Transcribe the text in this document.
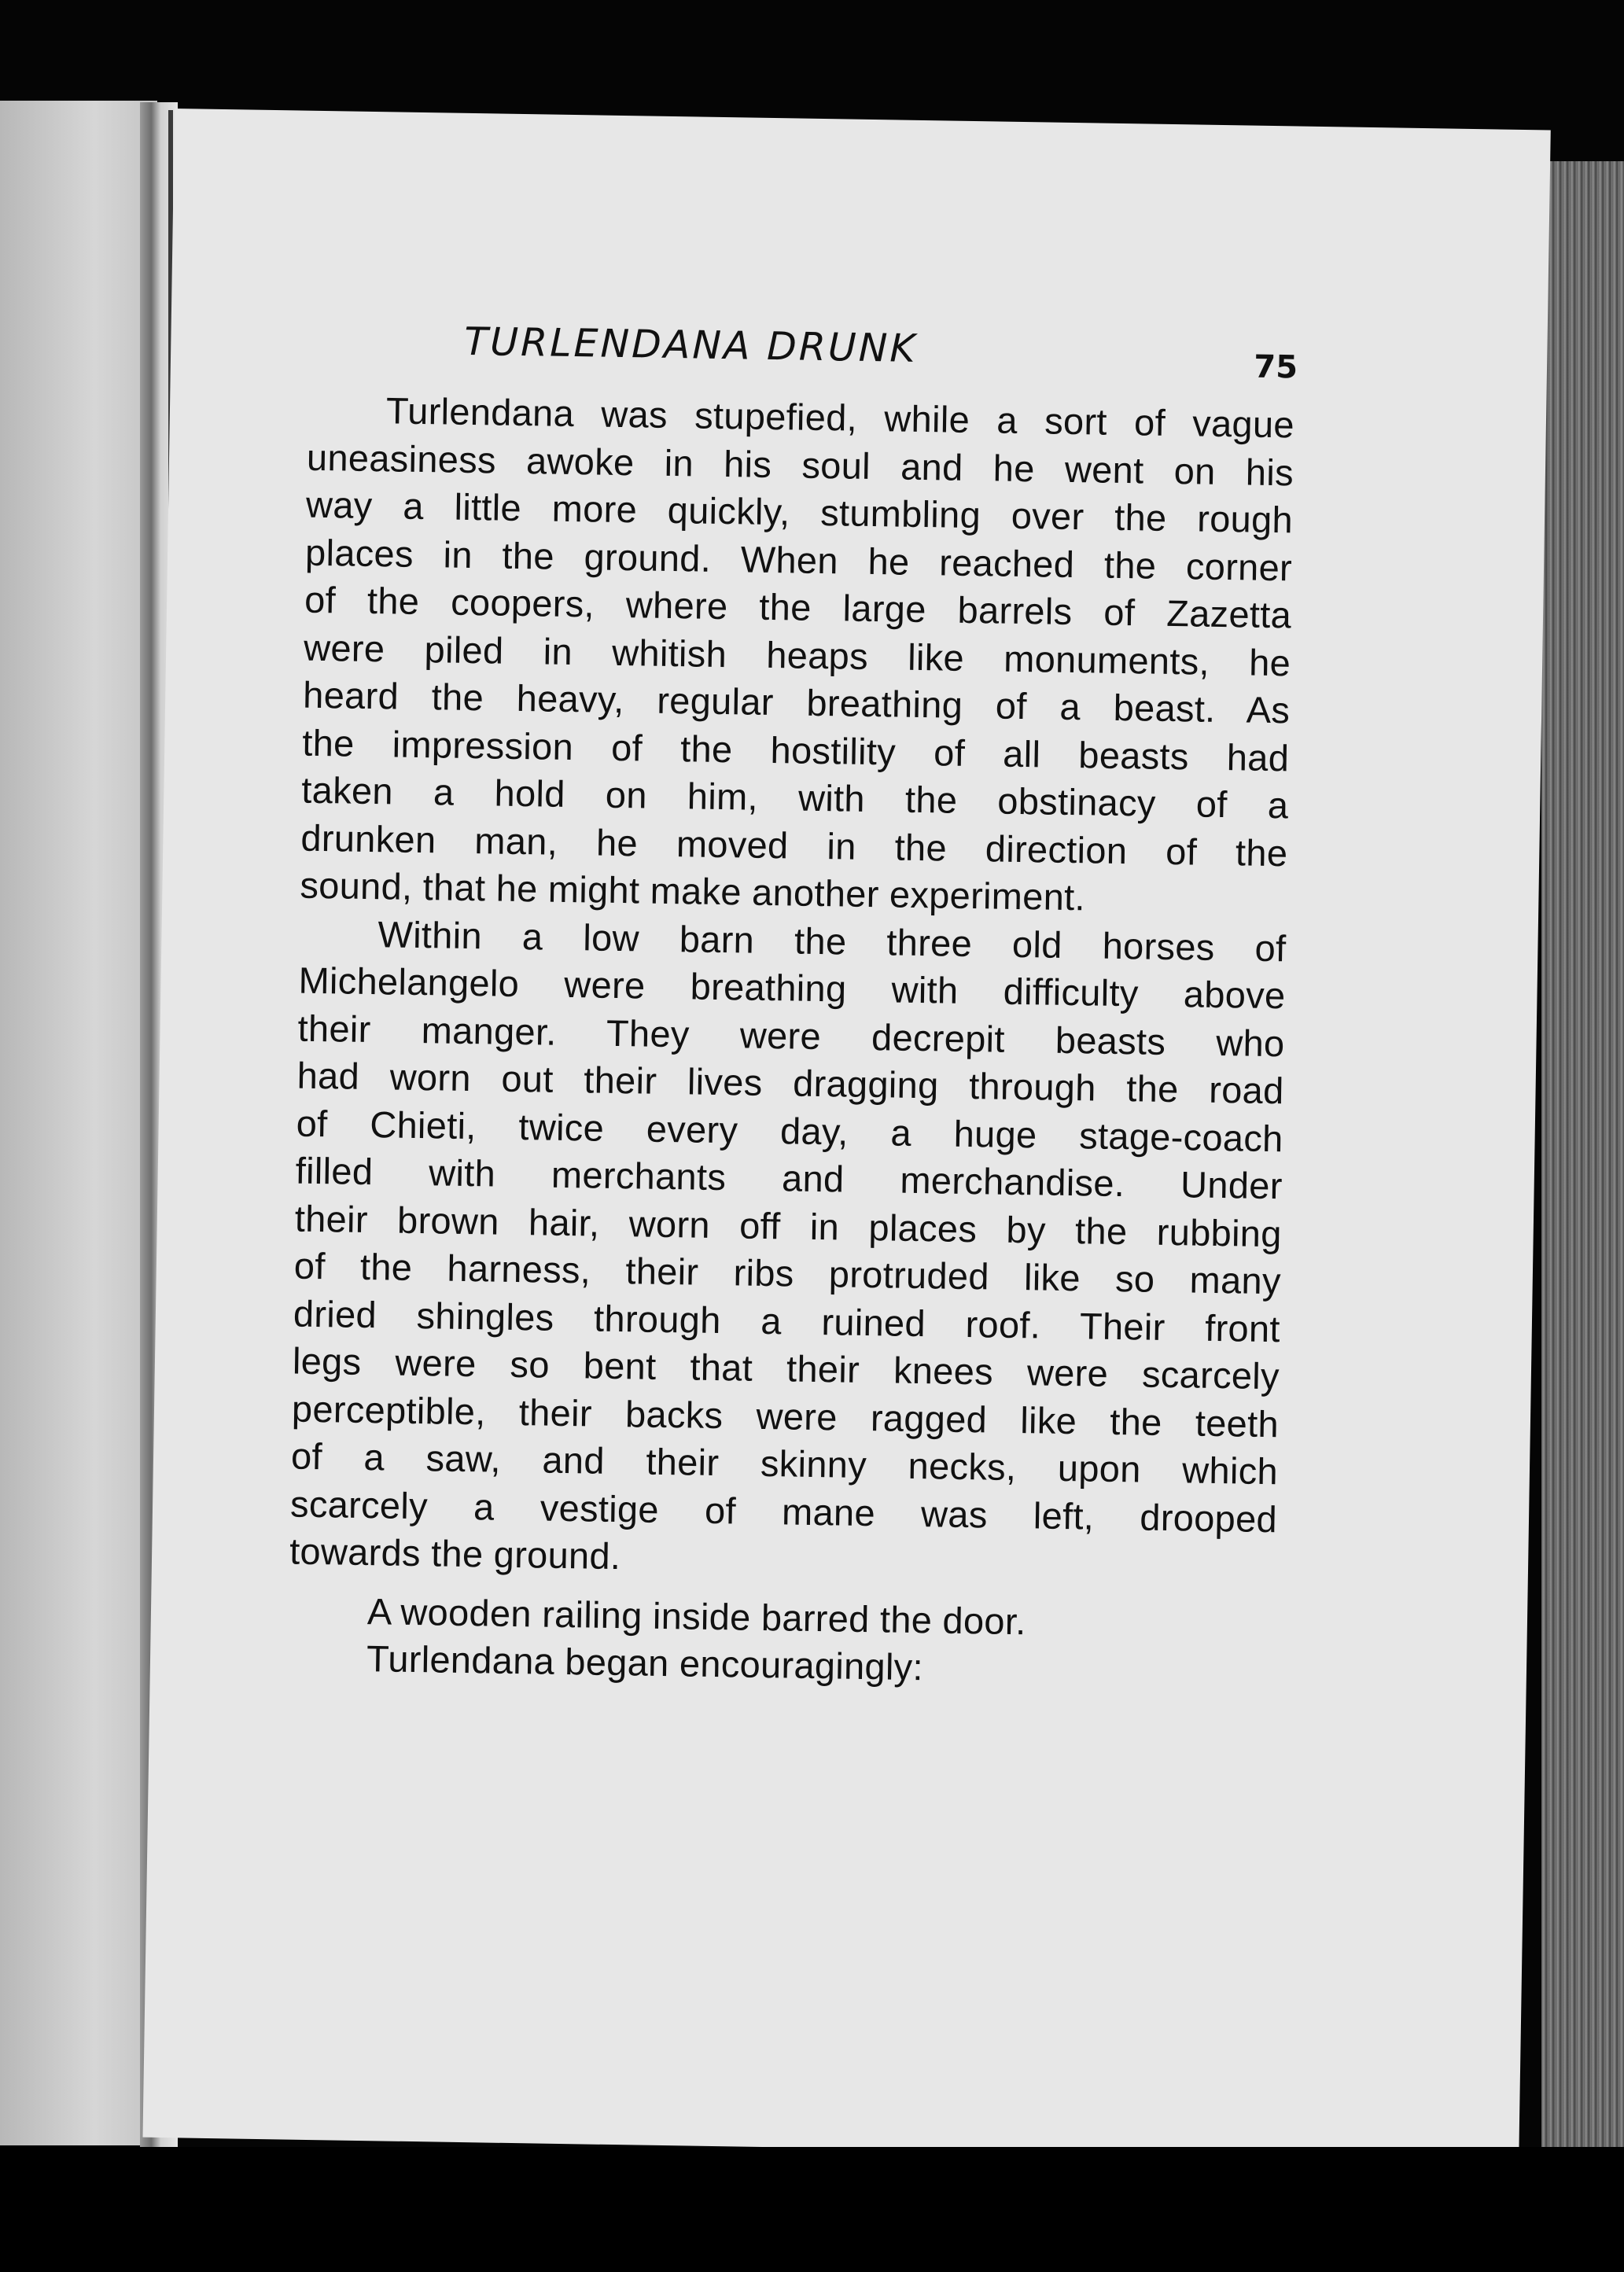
TURLENDANA DRUNK	75
Turlendana was stupefied, while a sort of vague
uneasiness awoke in his soul and he went on his
way a little more quickly, stumbling over the rough
places in the ground. When he reached the corner
of the coopers, where the large barrels of Zazetta
were piled in whitish heaps like monuments, he
heard the heavy, regular breathing of a beast. As
the impression of the hostility of all beasts had
taken a hold on him, with the obstinacy of a
drunken man, he moved in the direction of the
sound, that he might make another experiment.
Within a low barn the three old horses of
Michelangelo were breathing with difficulty above
their manger. They were decrepit beasts who
had worn out their lives dragging through the road
of Chieti, twice every day, a huge stage-coach
filled with merchants and merchandise. Under
their brown hair, worn off in places by the rubbing
of the harness, their ribs protruded like so many
dried shingles through a ruined roof. Their front
legs were so bent that their knees were scarcely
perceptible, their backs were ragged like the teeth
of a saw, and their skinny necks, upon which
scarcely a vestige of mane was left, drooped
towards the ground.
A wooden railing inside barred the door.
Turlendana began encouragingly:
